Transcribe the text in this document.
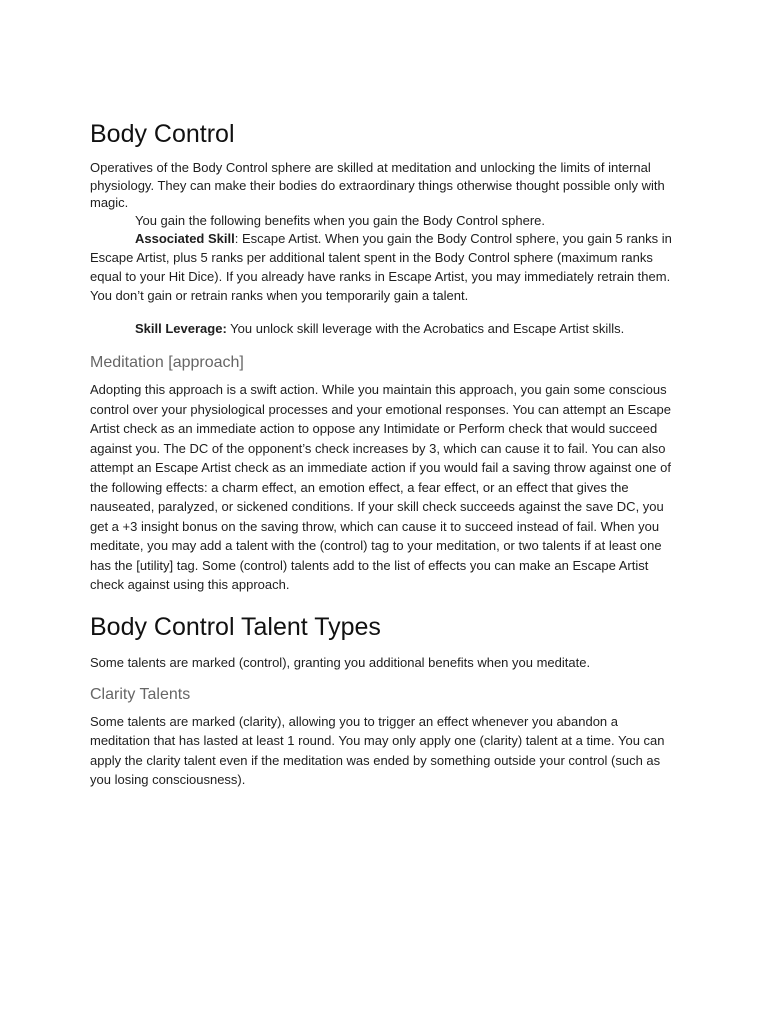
Body Control

Operatives of the Body Control sphere are skilled at meditation and unlocking the limits of internal physiology. They can make their bodies do extraordinary things otherwise thought possible only with magic.

You gain the following benefits when you gain the Body Control sphere.

Associated Skill: Escape Artist. When you gain the Body Control sphere, you gain 5 ranks in Escape Artist, plus 5 ranks per additional talent spent in the Body Control sphere (maximum ranks equal to your Hit Dice). If you already have ranks in Escape Artist, you may immediately retrain them. You don’t gain or retrain ranks when you temporarily gain a talent.

Skill Leverage: You unlock skill leverage with the Acrobatics and Escape Artist skills.

Meditation [approach]

Adopting this approach is a swift action. While you maintain this approach, you gain some conscious control over your physiological processes and your emotional responses. You can attempt an Escape Artist check as an immediate action to oppose any Intimidate or Perform check that would succeed against you. The DC of the opponent’s check increases by 3, which can cause it to fail. You can also attempt an Escape Artist check as an immediate action if you would fail a saving throw against one of the following effects: a charm effect, an emotion effect, a fear effect, or an effect that gives the nauseated, paralyzed, or sickened conditions. If your skill check succeeds against the save DC, you get a +3 insight bonus on the saving throw, which can cause it to succeed instead of fail. When you meditate, you may add a talent with the (control) tag to your meditation, or two talents if at least one has the [utility] tag. Some (control) talents add to the list of effects you can make an Escape Artist check against using this approach.

Body Control Talent Types

Some talents are marked (control), granting you additional benefits when you meditate.

Clarity Talents

Some talents are marked (clarity), allowing you to trigger an effect whenever you abandon a meditation that has lasted at least 1 round. You may only apply one (clarity) talent at a time. You can apply the clarity talent even if the meditation was ended by something outside your control (such as you losing consciousness).
